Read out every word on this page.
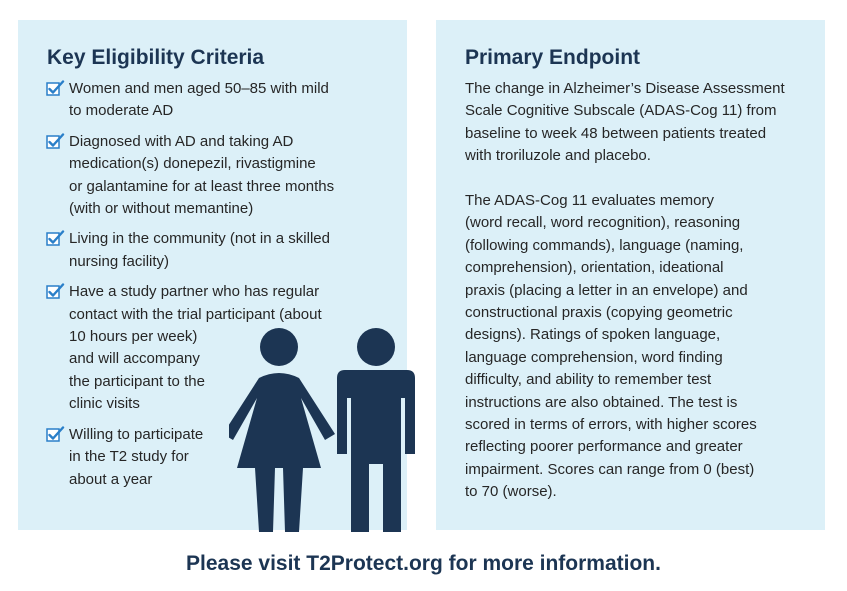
Key Eligibility Criteria
Women and men aged 50–85 with mild
to moderate AD
Diagnosed with AD and taking AD
medication(s) donepezil, rivastigmine
or galantamine for at least three months
(with or without memantine)
Living in the community (not in a skilled
nursing facility)
Have a study partner who has regular
contact with the trial participant (about
10 hours per week)
and will accompany
the participant to the
clinic visits
Willing to participate
in the T2 study for
about a year
Primary Endpoint

The change in Alzheimer’s Disease Assessment
Scale Cognitive Subscale (ADAS-Cog 11) from
baseline to week 48 between patients treated
with troriluzole and placebo.

The ADAS-Cog 11 evaluates memory
(word recall, word recognition), reasoning
(following commands), language (naming,
comprehension), orientation, ideational
praxis (placing a letter in an envelope) and
constructional praxis (copying geometric
designs). Ratings of spoken language,
language comprehension, word finding
difficulty, and ability to remember test
instructions are also obtained. The test is
scored in terms of errors, with higher scores
reflecting poorer performance and greater
impairment. Scores can range from 0 (best)
to 70 (worse).

Please visit T2Protect.org for more information.
